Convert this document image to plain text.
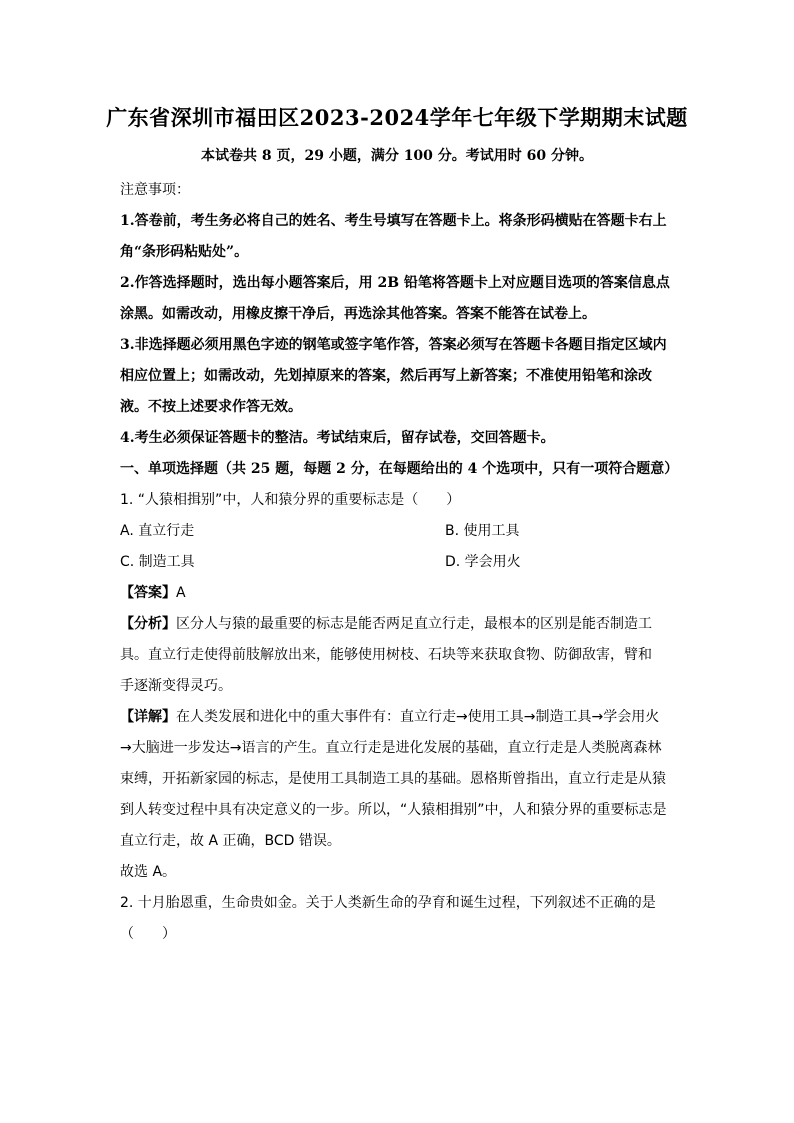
广东省深圳市福田区2023-2024学年七年级下学期期末试题
本试卷共 8 页，29 小题，满分 100 分。考试用时 60 分钟。
注意事项：
1.答卷前，考生务必将自己的姓名、考生号填写在答题卡上。将条形码横贴在答题卡右上
角“条形码粘贴处”。
2.作答选择题时，选出每小题答案后，用 2B 铅笔将答题卡上对应题目选项的答案信息点
涂黑。如需改动，用橡皮擦干净后，再选涂其他答案。答案不能答在试卷上。
3.非选择题必须用黑色字迹的钢笔或签字笔作答，答案必须写在答题卡各题目指定区域内
相应位置上；如需改动，先划掉原来的答案，然后再写上新答案；不准使用铅笔和涂改
液。不按上述要求作答无效。
4.考生必须保证答题卡的整洁。考试结束后，留存试卷，交回答题卡。
一、单项选择题（共 25 题，每题 2 分，在每题给出的 4 个选项中，只有一项符合题意）
1. “人猿相揖别”中，人和猿分界的重要标志是（　　）
A. 直立行走	B. 使用工具
C. 制造工具	D. 学会用火
【答案】A
【分析】区分人与猿的最重要的标志是能否两足直立行走，最根本的区别是能否制造工
具。直立行走使得前肢解放出来，能够使用树枝、石块等来获取食物、防御敌害，臂和
手逐渐变得灵巧。
【详解】在人类发展和进化中的重大事件有：直立行走→使用工具→制造工具→学会用火
→大脑进一步发达→语言的产生。直立行走是进化发展的基础，直立行走是人类脱离森林
束缚，开拓新家园的标志，是使用工具制造工具的基础。恩格斯曾指出，直立行走是从猿
到人转变过程中具有决定意义的一步。所以，“人猿相揖别”中，人和猿分界的重要标志是
直立行走，故 A 正确，BCD 错误。
故选 A。
2. 十月胎恩重，生命贵如金。关于人类新生命的孕育和诞生过程，下列叙述不正确的是
（　　）
